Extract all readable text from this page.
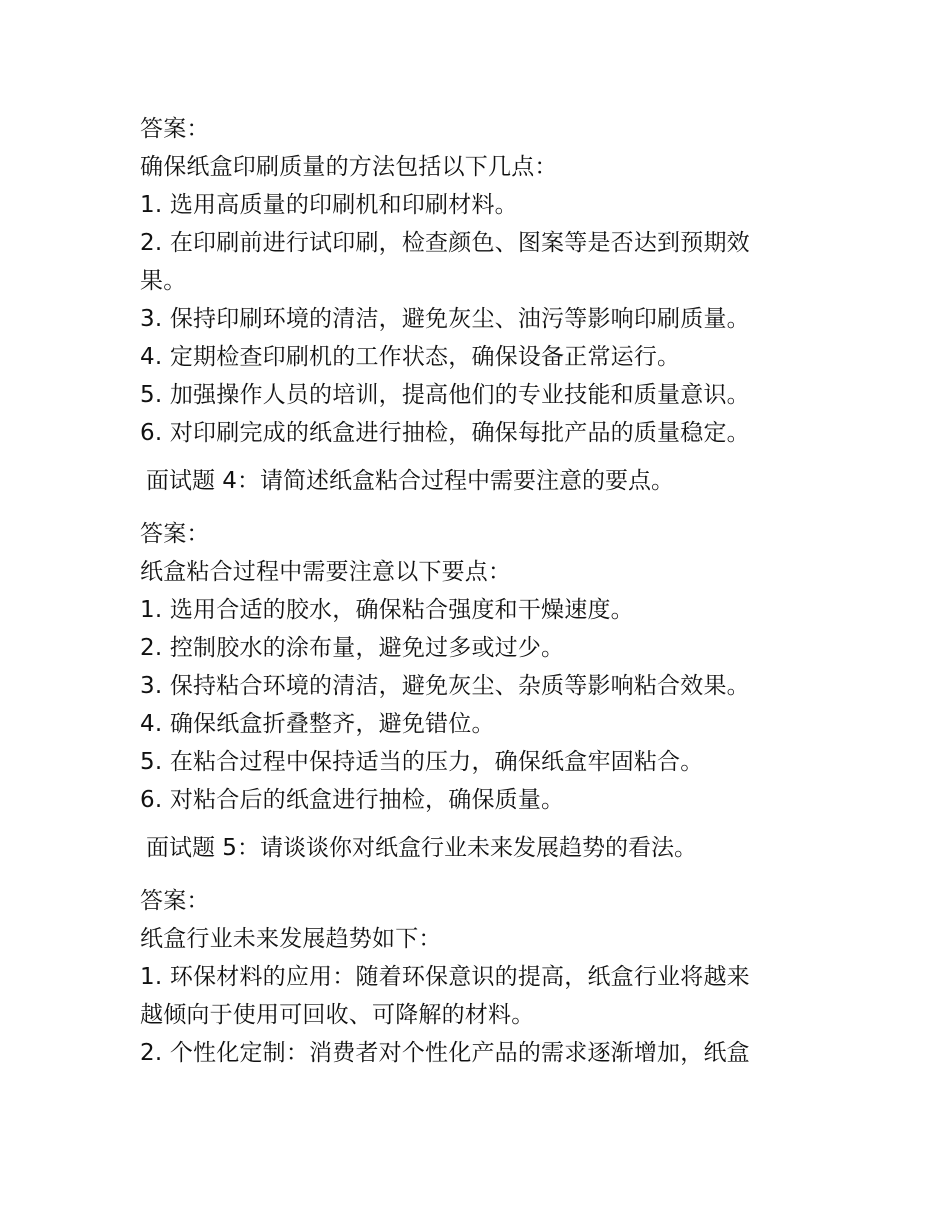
答案：
确保纸盒印刷质量的方法包括以下几点：
1. 选用高质量的印刷机和印刷材料。
2. 在印刷前进行试印刷，检查颜色、图案等是否达到预期效
果。
3. 保持印刷环境的清洁，避免灰尘、油污等影响印刷质量。
4. 定期检查印刷机的工作状态，确保设备正常运行。
5. 加强操作人员的培训，提高他们的专业技能和质量意识。
6. 对印刷完成的纸盒进行抽检，确保每批产品的质量稳定。
面试题 4：请简述纸盒粘合过程中需要注意的要点。
答案：
纸盒粘合过程中需要注意以下要点：
1. 选用合适的胶水，确保粘合强度和干燥速度。
2. 控制胶水的涂布量，避免过多或过少。
3. 保持粘合环境的清洁，避免灰尘、杂质等影响粘合效果。
4. 确保纸盒折叠整齐，避免错位。
5. 在粘合过程中保持适当的压力，确保纸盒牢固粘合。
6. 对粘合后的纸盒进行抽检，确保质量。
面试题 5：请谈谈你对纸盒行业未来发展趋势的看法。
答案：
纸盒行业未来发展趋势如下：
1. 环保材料的应用：随着环保意识的提高，纸盒行业将越来
越倾向于使用可回收、可降解的材料。
2. 个性化定制：消费者对个性化产品的需求逐渐增加，纸盒
